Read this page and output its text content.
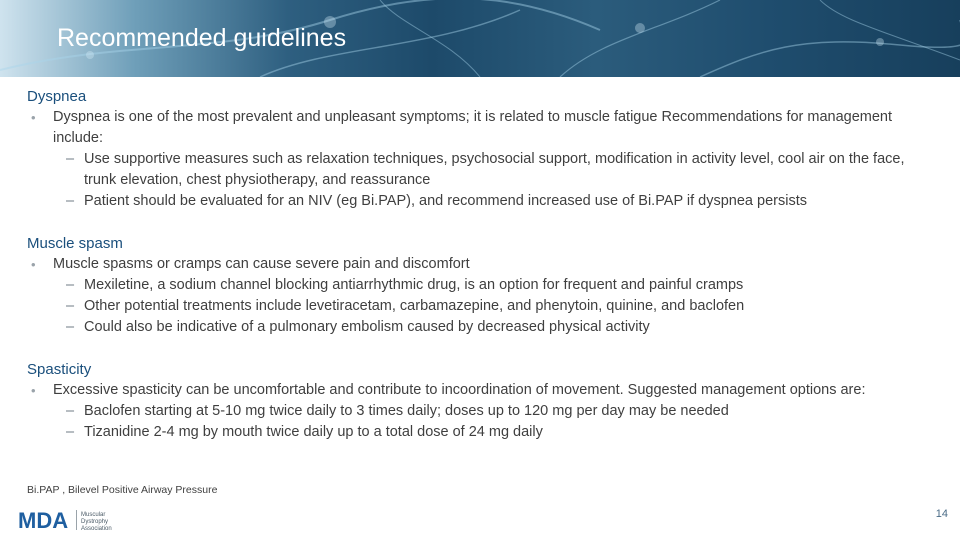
Recommended guidelines
Dyspnea
• Dyspnea is one of the most prevalent and unpleasant symptoms; it is related to muscle fatigue Recommendations for management include:
– Use supportive measures such as relaxation techniques, psychosocial support, modification in activity level, cool air on the face, trunk elevation, chest physiotherapy, and reassurance
– Patient should be evaluated for an NIV (eg Bi.PAP), and recommend increased use of Bi.PAP if dyspnea persists
Muscle spasm
• Muscle spasms or cramps can cause severe pain and discomfort
– Mexiletine, a sodium channel blocking antiarrhythmic drug, is an option for frequent and painful cramps
– Other potential treatments include levetiracetam, carbamazepine, and phenytoin, quinine, and baclofen
– Could also be indicative of a pulmonary embolism caused by decreased physical activity
Spasticity
• Excessive spasticity can be uncomfortable and contribute to incoordination of movement. Suggested management options are:
– Baclofen starting at 5-10 mg twice daily to 3 times daily; doses up to 120 mg per day may be needed
– Tizanidine 2-4 mg by mouth twice daily up to a total dose of 24 mg daily
Bi.PAP , Bilevel Positive Airway Pressure
MDA Muscular
Dystrophy
Association
14
